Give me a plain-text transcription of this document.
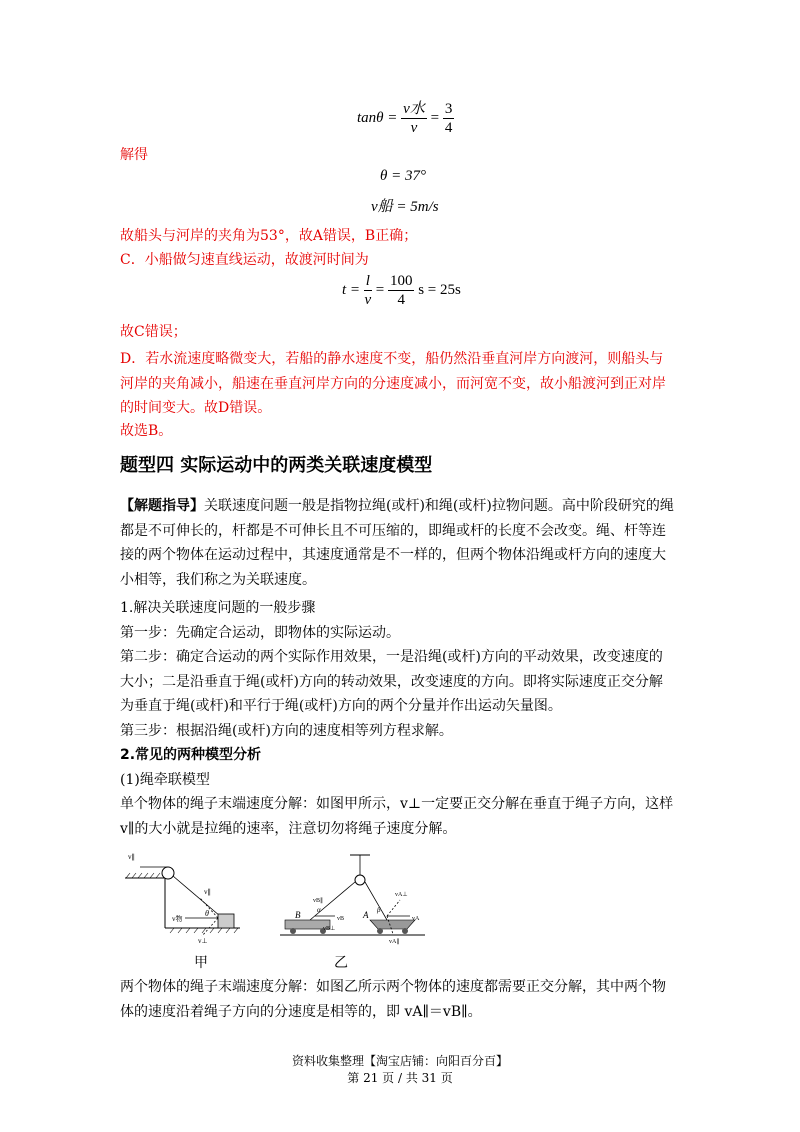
$\tan\theta = \frac{\text{v水}}{v} = \frac{3}{4}$
解得
θ = 37°
v船 = 5m/s
故船头与河岸的夹角为53°，故A错误，B正确；
C．小船做匀速直线运动，故渡河时间为
$t = \frac{l}{v} = \frac{100}{4}$ s = 25s
故C错误；
D．若水流速度略微变大，若船的静水速度不变，船仍然沿垂直河岸方向渡河，则船头与
河岸的夹角减小，船速在垂直河岸方向的分速度减小，而河宽不变，故小船渡河到正对岸
的时间变大。故D错误。
故选B。
题型四 实际运动中的两类关联速度模型
【解题指导】关联速度问题一般是指物拉绳(或杆)和绳(或杆)拉物问题。高中阶段研究的绳
都是不可伸长的，杆都是不可伸长且不可压缩的，即绳或杆的长度不会改变。绳、杆等连
接的两个物体在运动过程中，其速度通常是不一样的，但两个物体沿绳或杆方向的速度大
小相等，我们称之为关联速度。
1.解决关联速度问题的一般步骤
第一步：先确定合运动，即物体的实际运动。
第二步：确定合运动的两个实际作用效果，一是沿绳(或杆)方向的平动效果，改变速度的
大小；二是沿垂直于绳(或杆)方向的转动效果，改变速度的方向。即将实际速度正交分解
为垂直于绳(或杆)和平行于绳(或杆)方向的两个分量并作出运动矢量图。
第三步：根据沿绳(或杆)方向的速度相等列方程求解。
2.常见的两种模型分析
(1)绳牵联模型
单个物体的绳子末端速度分解：如图甲所示，v⊥一定要正交分解在垂直于绳子方向，这样
v∥的大小就是拉绳的速率，注意切勿将绳子速度分解。
v∥
v∥
v物
v⊥
θ	B	A
α	β
vB∥
vB⊥
vB
vA⊥
vA
vA∥
甲	乙
两个物体的绳子末端速度分解：如图乙所示两个物体的速度都需要正交分解，其中两个物
体的速度沿着绳子方向的分速度是相等的，即 vA∥＝vB∥。
资料收集整理【淘宝店铺：向阳百分百】
第 21 页 / 共 31 页
